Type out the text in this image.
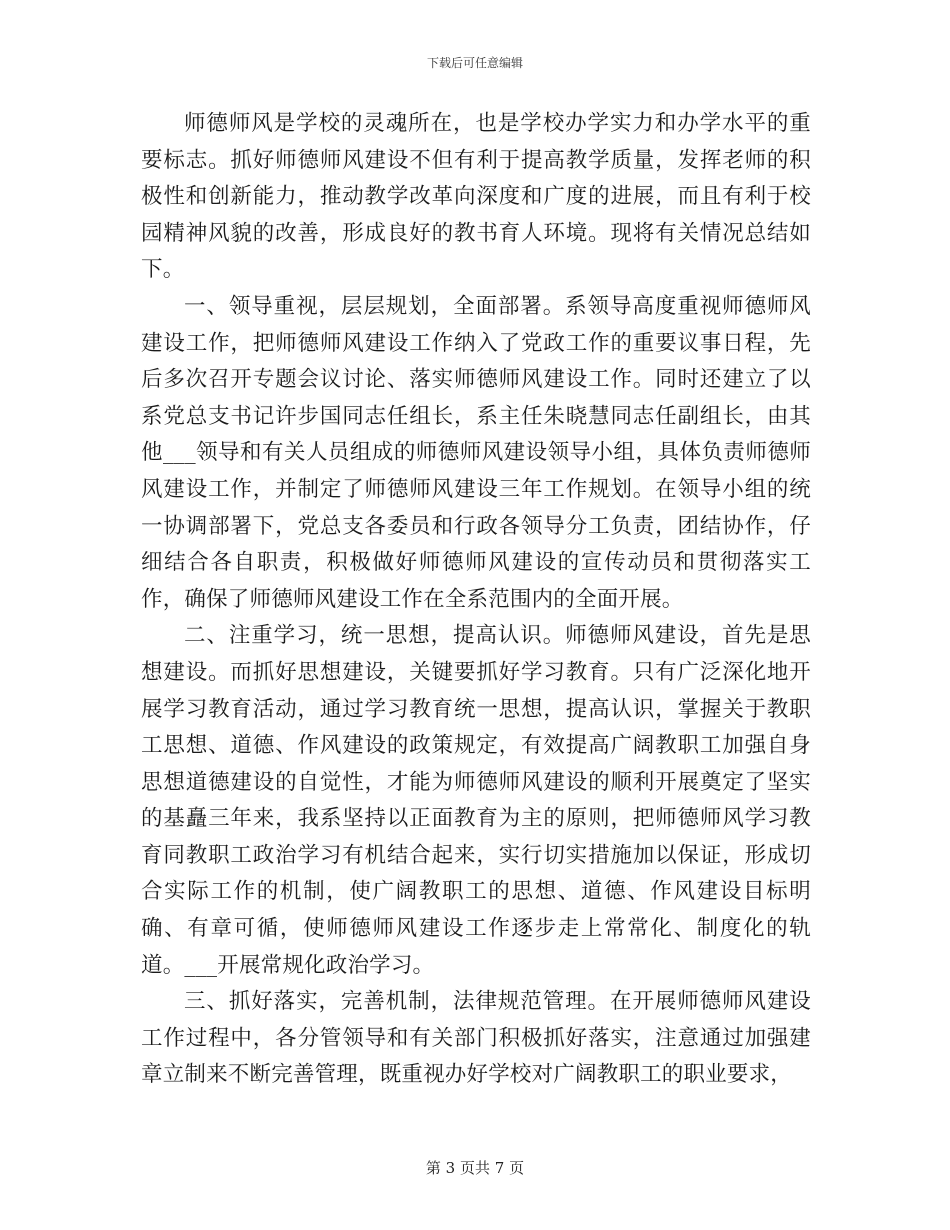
下载后可任意编辑

师德师风是学校的灵魂所在，也是学校办学实力和办学水平的重要标志。抓好师德师风建设不但有利于提高教学质量，发挥老师的积极性和创新能力，推动教学改革向深度和广度的进展，而且有利于校园精神风貌的改善，形成良好的教书育人环境。现将有关情况总结如下。

一、领导重视，层层规划，全面部署。系领导高度重视师德师风建设工作，把师德师风建设工作纳入了党政工作的重要议事日程，先后多次召开专题会议讨论、落实师德师风建设工作。同时还建立了以系党总支书记许步国同志任组长，系主任朱晓慧同志任副组长，由其他___领导和有关人员组成的师德师风建设领导小组，具体负责师德师风建设工作，并制定了师德师风建设三年工作规划。在领导小组的统一协调部署下，党总支各委员和行政各领导分工负责，团结协作，仔细结合各自职责，积极做好师德师风建设的宣传动员和贯彻落实工作，确保了师德师风建设工作在全系范围内的全面开展。

二、注重学习，统一思想，提高认识。师德师风建设，首先是思想建设。而抓好思想建设，关键要抓好学习教育。只有广泛深化地开展学习教育活动，通过学习教育统一思想，提高认识，掌握关于教职工思想、道德、作风建设的政策规定，有效提高广阔教职工加强自身思想道德建设的自觉性，才能为师德师风建设的顺利开展奠定了坚实的基矗三年来，我系坚持以正面教育为主的原则，把师德师风学习教育同教职工政治学习有机结合起来，实行切实措施加以保证，形成切合实际工作的机制，使广阔教职工的思想、道德、作风建设目标明确、有章可循，使师德师风建设工作逐步走上常常化、制度化的轨道。___开展常规化政治学习。

三、抓好落实，完善机制，法律规范管理。在开展师德师风建设工作过程中，各分管领导和有关部门积极抓好落实，注意通过加强建章立制来不断完善管理，既重视办好学校对广阔教职工的职业要求，

第 3 页共 7 页
